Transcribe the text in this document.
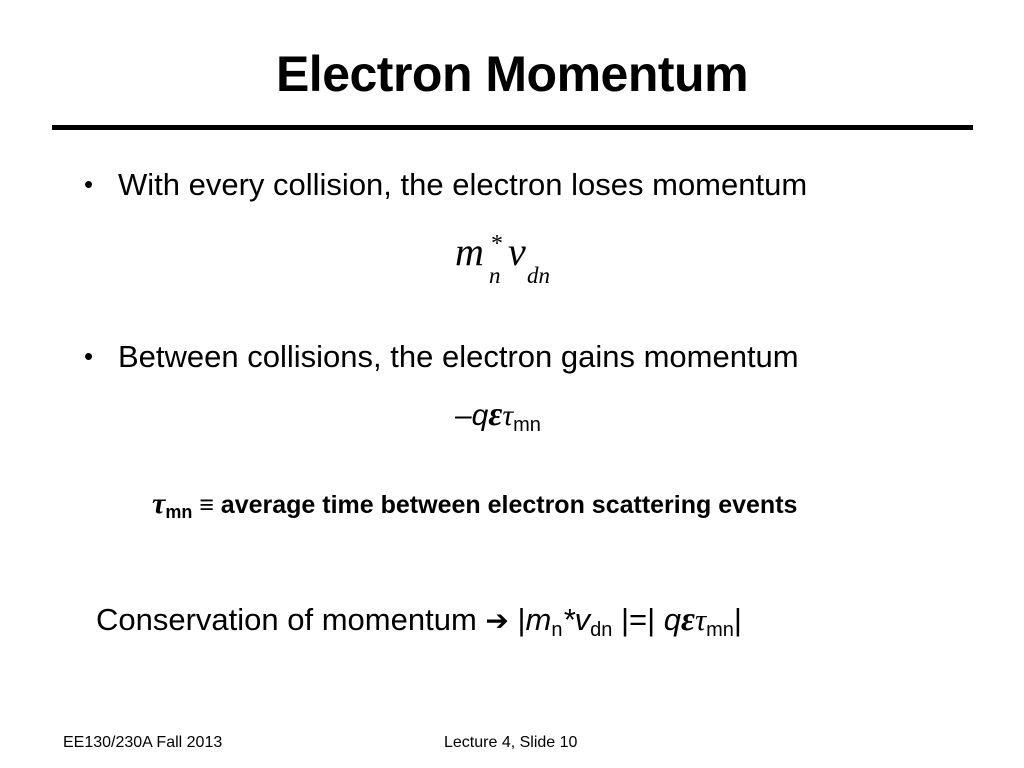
Electron Momentum
• With every collision, the electron loses momentum
m *
n
v
dn
• Between collisions, the electron gains momentum
–qετ$_{mn}$
$\tau_{mn}$ ≡ average time between electron scattering events
Conservation of momentum ➔ $|m_n*v_{dn}$ |=| qετ$_{mn}$|
EE130/230A Fall 2013	Lecture 4, Slide 10
